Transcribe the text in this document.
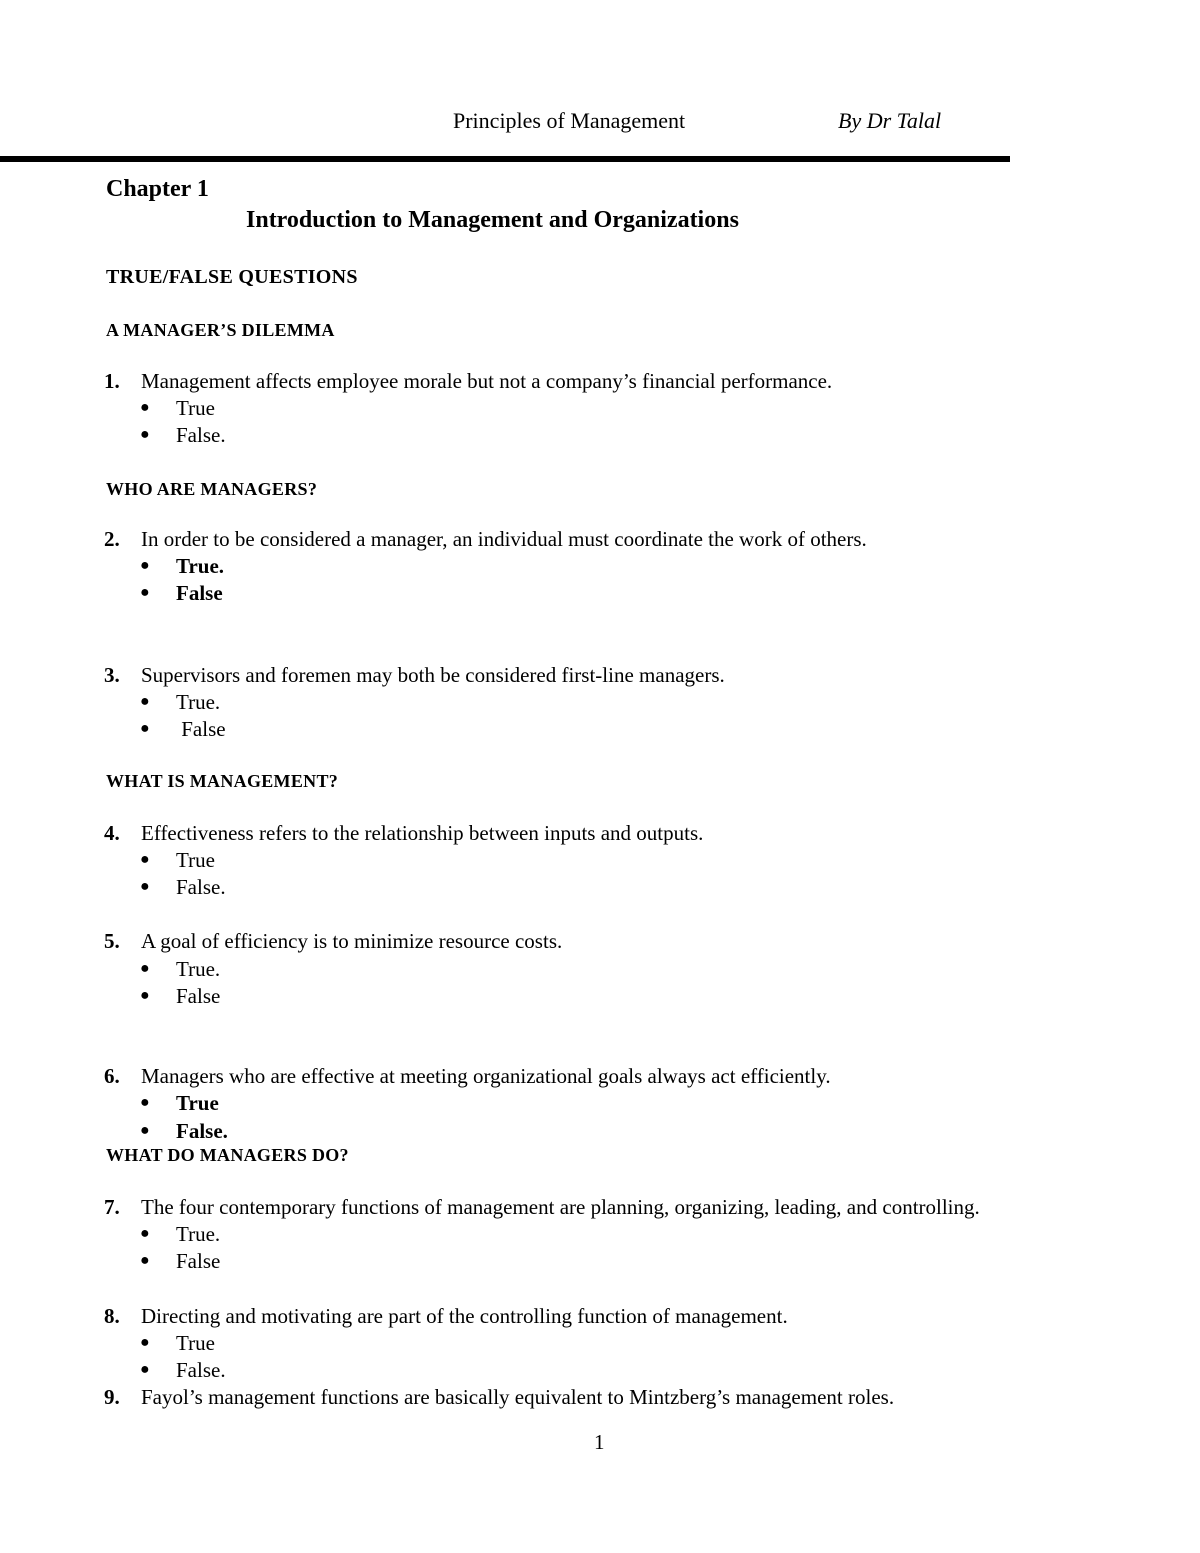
Principles of Management	By Dr Talal
Chapter 1
Introduction to Management and Organizations
TRUE/FALSE QUESTIONS
A MANAGER’S DILEMMA
1. Management affects employee morale but not a company’s financial performance.
● True
● False.
WHO ARE MANAGERS?
2. In order to be considered a manager, an individual must coordinate the work of others.
● True.
● False
3. Supervisors and foremen may both be considered first-line managers.
● True.
● False
WHAT IS MANAGEMENT?
4. Effectiveness refers to the relationship between inputs and outputs.
● True
● False.
5. A goal of efficiency is to minimize resource costs.
● True.
● False
6. Managers who are effective at meeting organizational goals always act efficiently.
● True
● False.
WHAT DO MANAGERS DO?
7. The four contemporary functions of management are planning, organizing, leading, and controlling.
● True.
● False
8. Directing and motivating are part of the controlling function of management.
● True
● False.
9. Fayol’s management functions are basically equivalent to Mintzberg’s management roles.
1
